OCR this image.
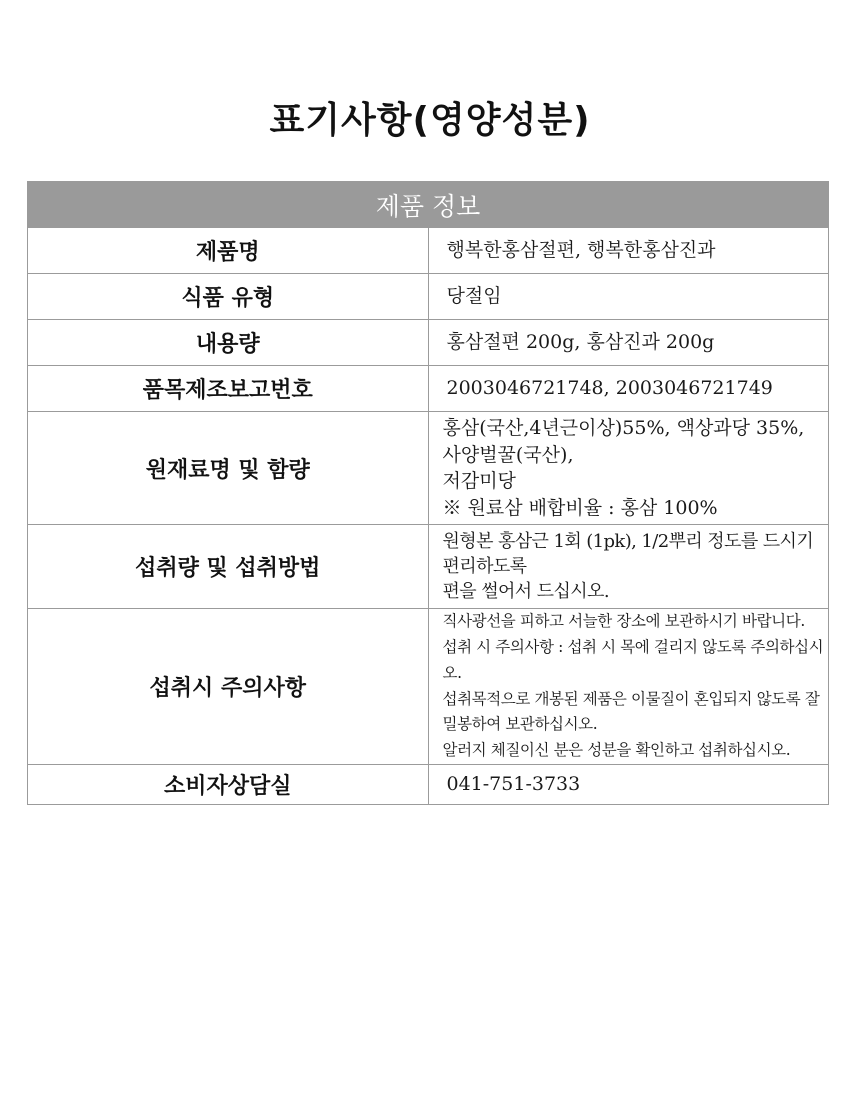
표기사항(영양성분)
제품 정보	
제품명	행복한홍삼절편, 행복한홍삼진과

식품 유형	당절임

내용량	홍삼절편 200g, 홍삼진과 200g

품목제조보고번호	2003046721748, 2003046721749

원재료명 및 함량	홍삼(국산,4년근이상)55%, 액상과당 35%, 사양벌꿀(국산),
저감미당
※ 원료삼 배합비율 : 홍삼 100%

섭취량 및 섭취방법	원형본 홍삼근 1회 (1pk), 1/2뿌리 정도를 드시기 편리하도록
편을 썰어서 드십시오.

섭취시 주의사항	직사광선을 피하고 서늘한 장소에 보관하시기 바랍니다.
섭취 시 주의사항 : 섭취 시 목에 걸리지 않도록 주의하십시오.
섭취목적으로 개봉된 제품은 이물질이 혼입되지 않도록 잘 밀봉하여 보관하십시오.
알러지 체질이신 분은 성분을 확인하고 섭취하십시오.

소비자상담실	041-751-3733
